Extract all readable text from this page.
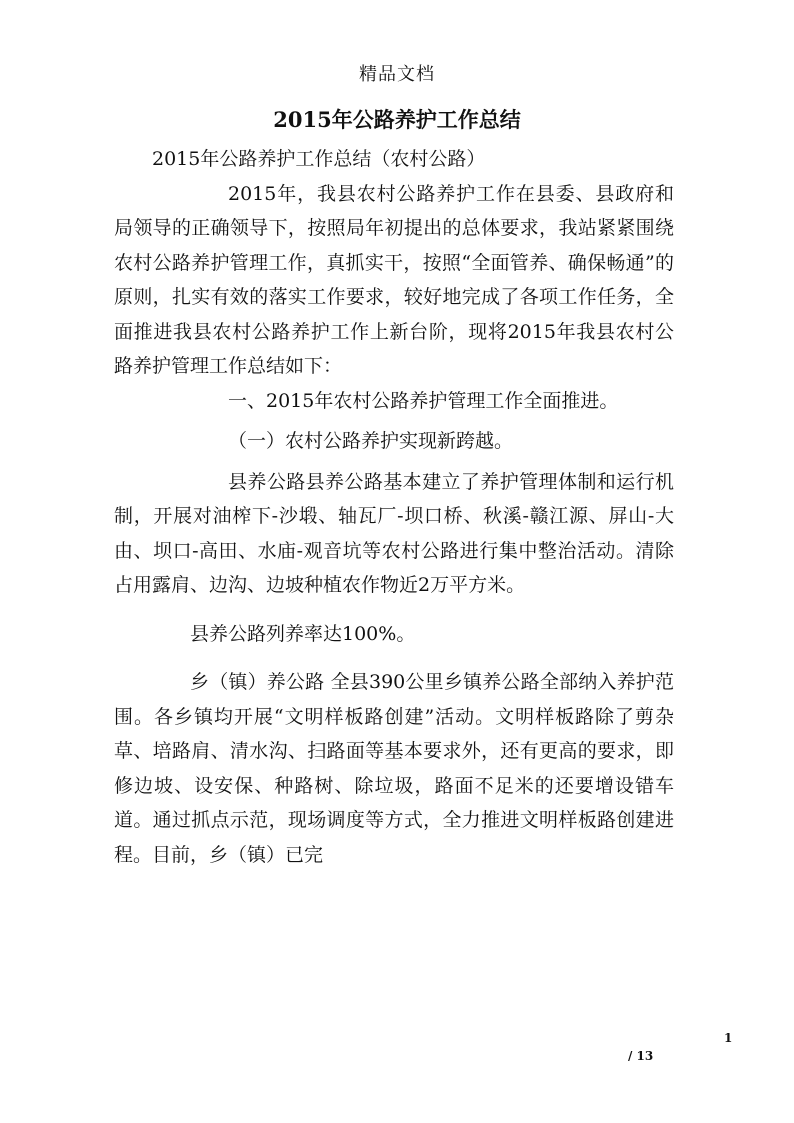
精品文档
2015年公路养护工作总结

2015年公路养护工作总结（农村公路）

2015年，我县农村公路养护工作在县委、县政府和局领导的正确领导下，按照局年初提出的总体要求，我站紧紧围绕农村公路养护管理工作，真抓实干，按照“全面管养、确保畅通”的原则，扎实有效的落实工作要求，较好地完成了各项工作任务，全面推进我县农村公路养护工作上新台阶，现将2015年我县农村公路养护管理工作总结如下：

一、2015年农村公路养护管理工作全面推进。

（一）农村公路养护实现新跨越。

县养公路县养公路基本建立了养护管理体制和运行机制，开展对油榨下-沙塅、轴瓦厂-坝口桥、秋溪-赣江源、屏山-大由、坝口-高田、水庙-观音坑等农村公路进行集中整治活动。清除占用露肩、边沟、边坡种植农作物近2万平方米。

县养公路列养率达100%。

乡（镇）养公路 全县390公里乡镇养公路全部纳入养护范围。各乡镇均开展“文明样板路创建”活动。文明样板路除了剪杂草、培路肩、清水沟、扫路面等基本要求外，还有更高的要求，即修边坡、设安保、种路树、除垃圾，路面不足米的还要增设错车道。通过抓点示范，现场调度等方式，全力推进文明样板路创建进程。目前，乡（镇）已完

1
/ 13
